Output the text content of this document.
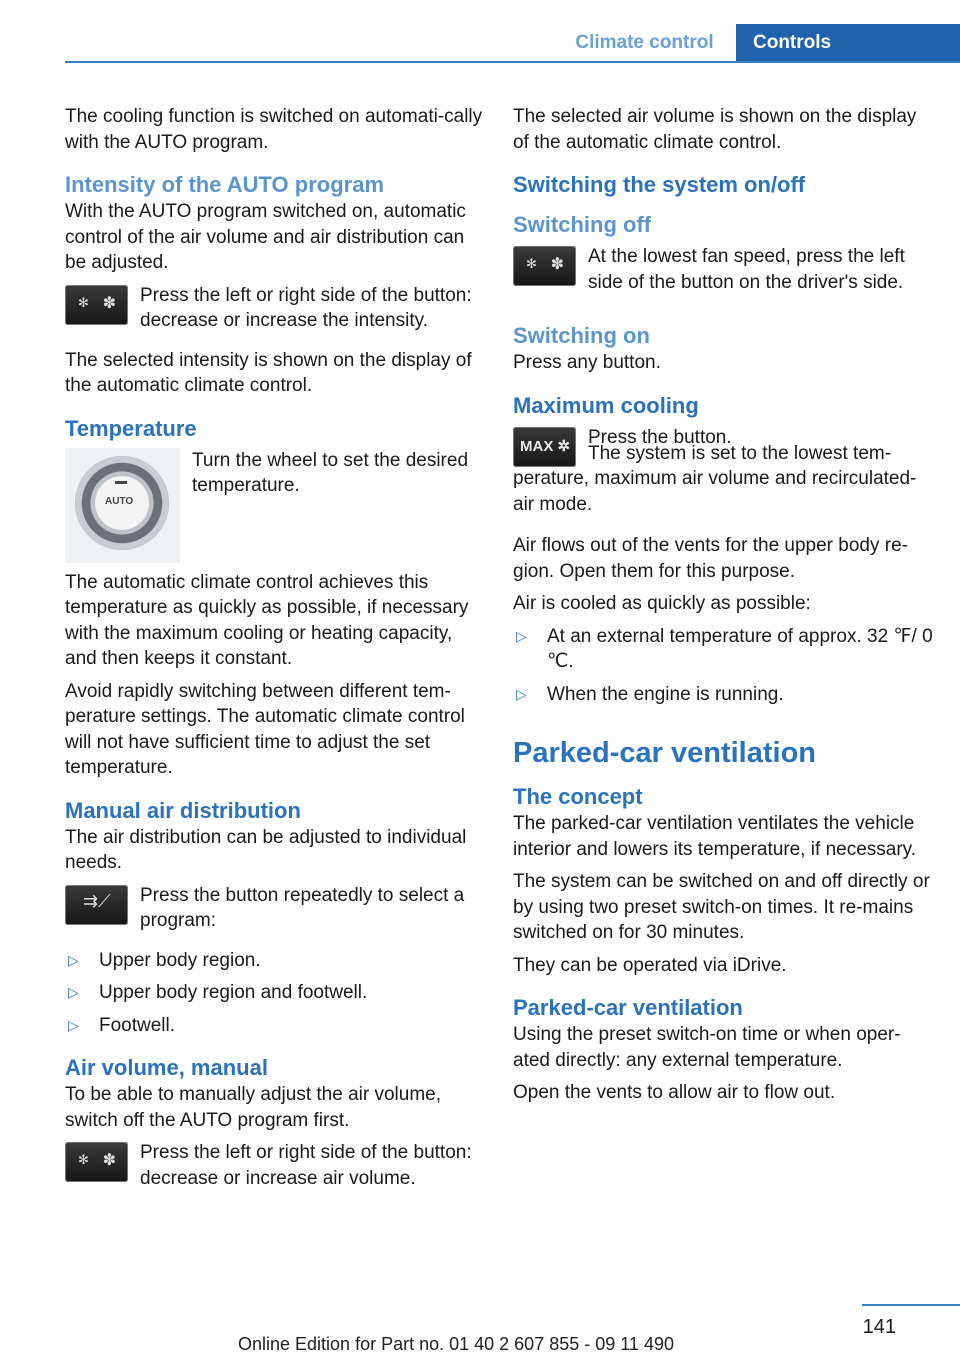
Climate control	Controls

The cooling function is switched on automati-cally with the AUTO program.

Intensity of the AUTO program

With the AUTO program switched on, automatic control of the air volume and air distribution can be adjusted.

✻ ✽ Press the left or right side of the button: decrease or increase the intensity.

The selected intensity is shown on the display of the automatic climate control.

Temperature
AUTO

Turn the wheel to set the desired temperature.

The automatic climate control achieves this temperature as quickly as possible, if necessary with the maximum cooling or heating capacity, and then keeps it constant.

Avoid rapidly switching between different tem-perature settings. The automatic climate control will not have sufficient time to adjust the set temperature.

Manual air distribution

The air distribution can be adjusted to individual needs.

⇉⟋ Press the button repeatedly to select a program:

▷ Upper body region.
▷ Upper body region and footwell.
▷ Footwell.
Air volume, manual

To be able to manually adjust the air volume, switch off the AUTO program first.

✻ ✽ Press the left or right side of the button: decrease or increase air volume.

The selected air volume is shown on the display of the automatic climate control.

Switching the system on/off
Switching off
✻ ✽ At the lowest fan speed, press the left side of the button on the driver's side.

Switching on

Press any button.

Maximum cooling
MAX ✲ Press the button.

The system is set to the lowest tem-perature, maximum air volume and recirculated-air mode.

Air flows out of the vents for the upper body re-gion. Open them for this purpose.

Air is cooled as quickly as possible:

▷ At an external temperature of approx. 32 ℉/ 0 ℃.
▷ When the engine is running.
Parked-car ventilation
The concept

The parked-car ventilation ventilates the vehicle interior and lowers its temperature, if necessary.

The system can be switched on and off directly or by using two preset switch-on times. It re-mains switched on for 30 minutes.

They can be operated via iDrive.

Parked-car ventilation

Using the preset switch-on time or when oper-ated directly: any external temperature.

Open the vents to allow air to flow out.

141
Online Edition for Part no. 01 40 2 607 855 - 09 11 490
